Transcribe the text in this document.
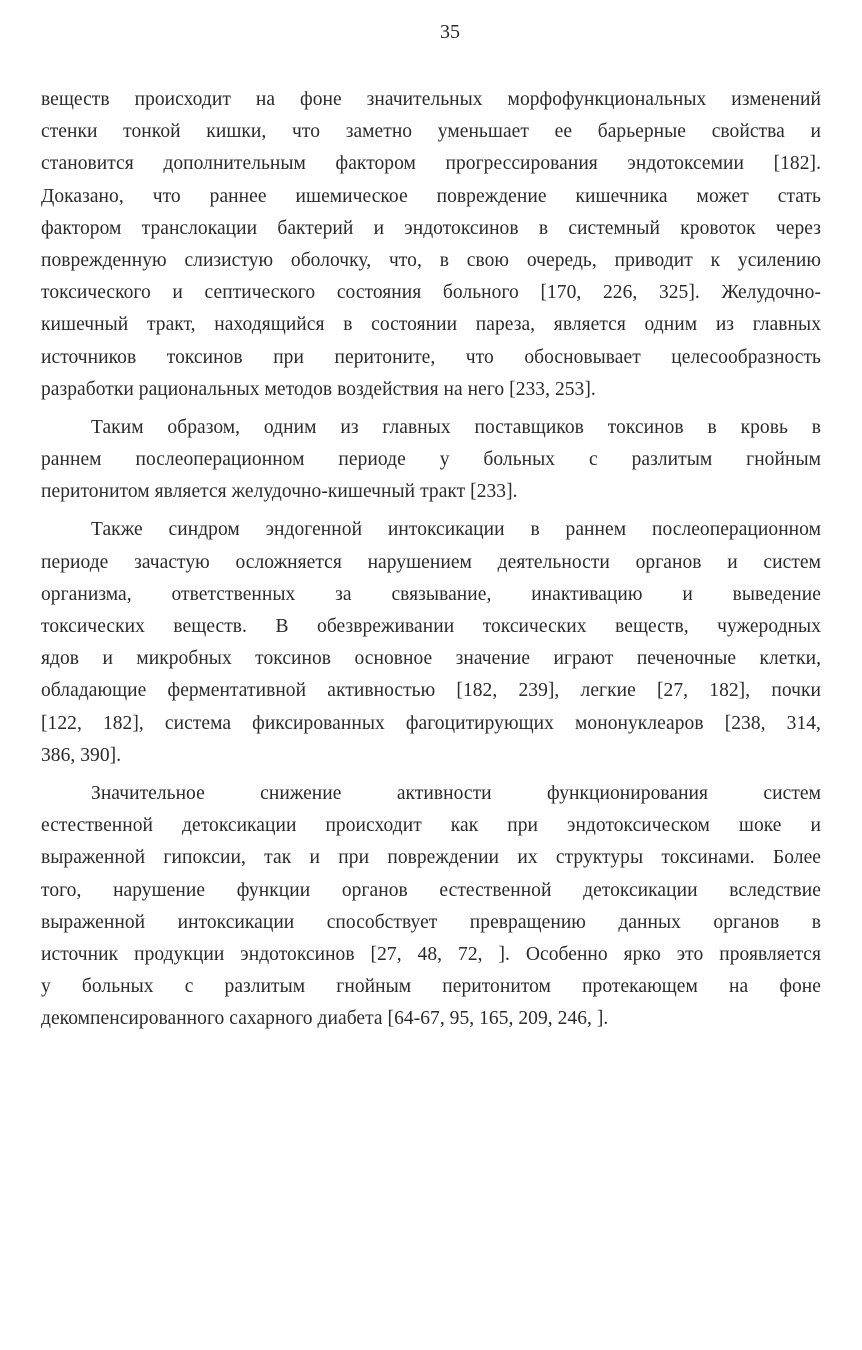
35
веществ происходит на фоне значительных морфофункциональных изменений
стенки тонкой кишки, что заметно уменьшает ее барьерные свойства и
становится дополнительным фактором прогрессирования эндотоксемии [182].
Доказано, что раннее ишемическое повреждение кишечника может стать
фактором транслокации бактерий и эндотоксинов в системный кровоток через
поврежденную слизистую оболочку, что, в свою очередь, приводит к усилению
токсического и септического состояния больного [170, 226, 325]. Желудочно-
кишечный тракт, находящийся в состоянии пареза, является одним из главных
источников токсинов при перитоните, что обосновывает целесообразность
разработки рациональных методов воздействия на него [233, 253].
Таким образом, одним из главных поставщиков токсинов в кровь в
раннем послеоперационном периоде у больных с разлитым гнойным
перитонитом является желудочно-кишечный тракт [233].
Также синдром эндогенной интоксикации в раннем послеоперационном
периоде зачастую осложняется нарушением деятельности органов и систем
организма, ответственных за связывание, инактивацию и выведение
токсических веществ. В обезвреживании токсических веществ, чужеродных
ядов и микробных токсинов основное значение играют печеночные клетки,
обладающие ферментативной активностью [182, 239], легкие [27, 182], почки
[122, 182], система фиксированных фагоцитирующих мононуклеаров [238, 314,
386, 390].
Значительное снижение активности функционирования систем
естественной детоксикации происходит как при эндотоксическом шоке и
выраженной гипоксии, так и при повреждении их структуры токсинами. Более
того, нарушение функции органов естественной детоксикации вследствие
выраженной интоксикации способствует превращению данных органов в
источник продукции эндотоксинов [27, 48, 72, ]. Особенно ярко это проявляется
у больных с разлитым гнойным перитонитом протекающем на фоне
декомпенсированного сахарного диабета [64-67, 95, 165, 209, 246, ].
